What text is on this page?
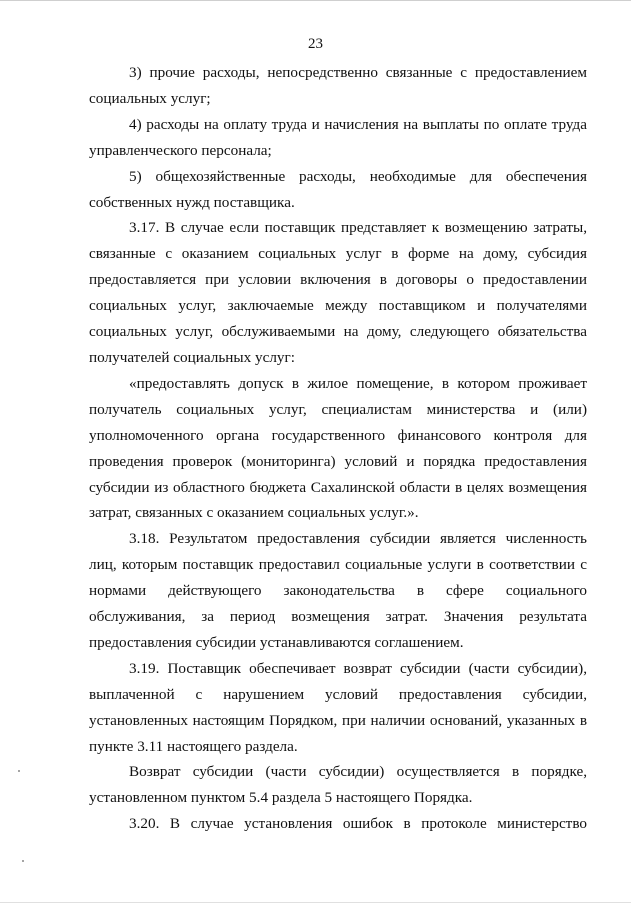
23

3) прочие расходы, непосредственно связанные с предоставлением социальных услуг;

4) расходы на оплату труда и начисления на выплаты по оплате труда управленческого персонала;

5) общехозяйственные расходы, необходимые для обеспечения собственных нужд поставщика.

3.17. В случае если поставщик представляет к возмещению затраты, связанные с оказанием социальных услуг в форме на дому, субсидия предоставляется при условии включения в договоры о предоставлении социальных услуг, заключаемые между поставщиком и получателями социальных услуг, обслуживаемыми на дому, следующего обязательства получателей социальных услуг:

«предоставлять допуск в жилое помещение, в котором проживает получатель социальных услуг, специалистам министерства и (или) уполномоченного органа государственного финансового контроля для проведения проверок (мониторинга) условий и порядка предоставления субсидии из областного бюджета Сахалинской области в целях возмещения затрат, связанных с оказанием социальных услуг.».

3.18. Результатом предоставления субсидии является численность лиц, которым поставщик предоставил социальные услуги в соответствии с нормами действующего законодательства в сфере социального обслуживания, за период возмещения затрат. Значения результата предоставления субсидии устанавливаются соглашением.

3.19. Поставщик обеспечивает возврат субсидии (части субсидии), выплаченной с нарушением условий предоставления субсидии, установленных настоящим Порядком, при наличии оснований, указанных в пункте 3.11 настоящего раздела.

Возврат субсидии (части субсидии) осуществляется в порядке, установленном пунктом 5.4 раздела 5 настоящего Порядка.

3.20. В случае установления ошибок в протоколе министерство
